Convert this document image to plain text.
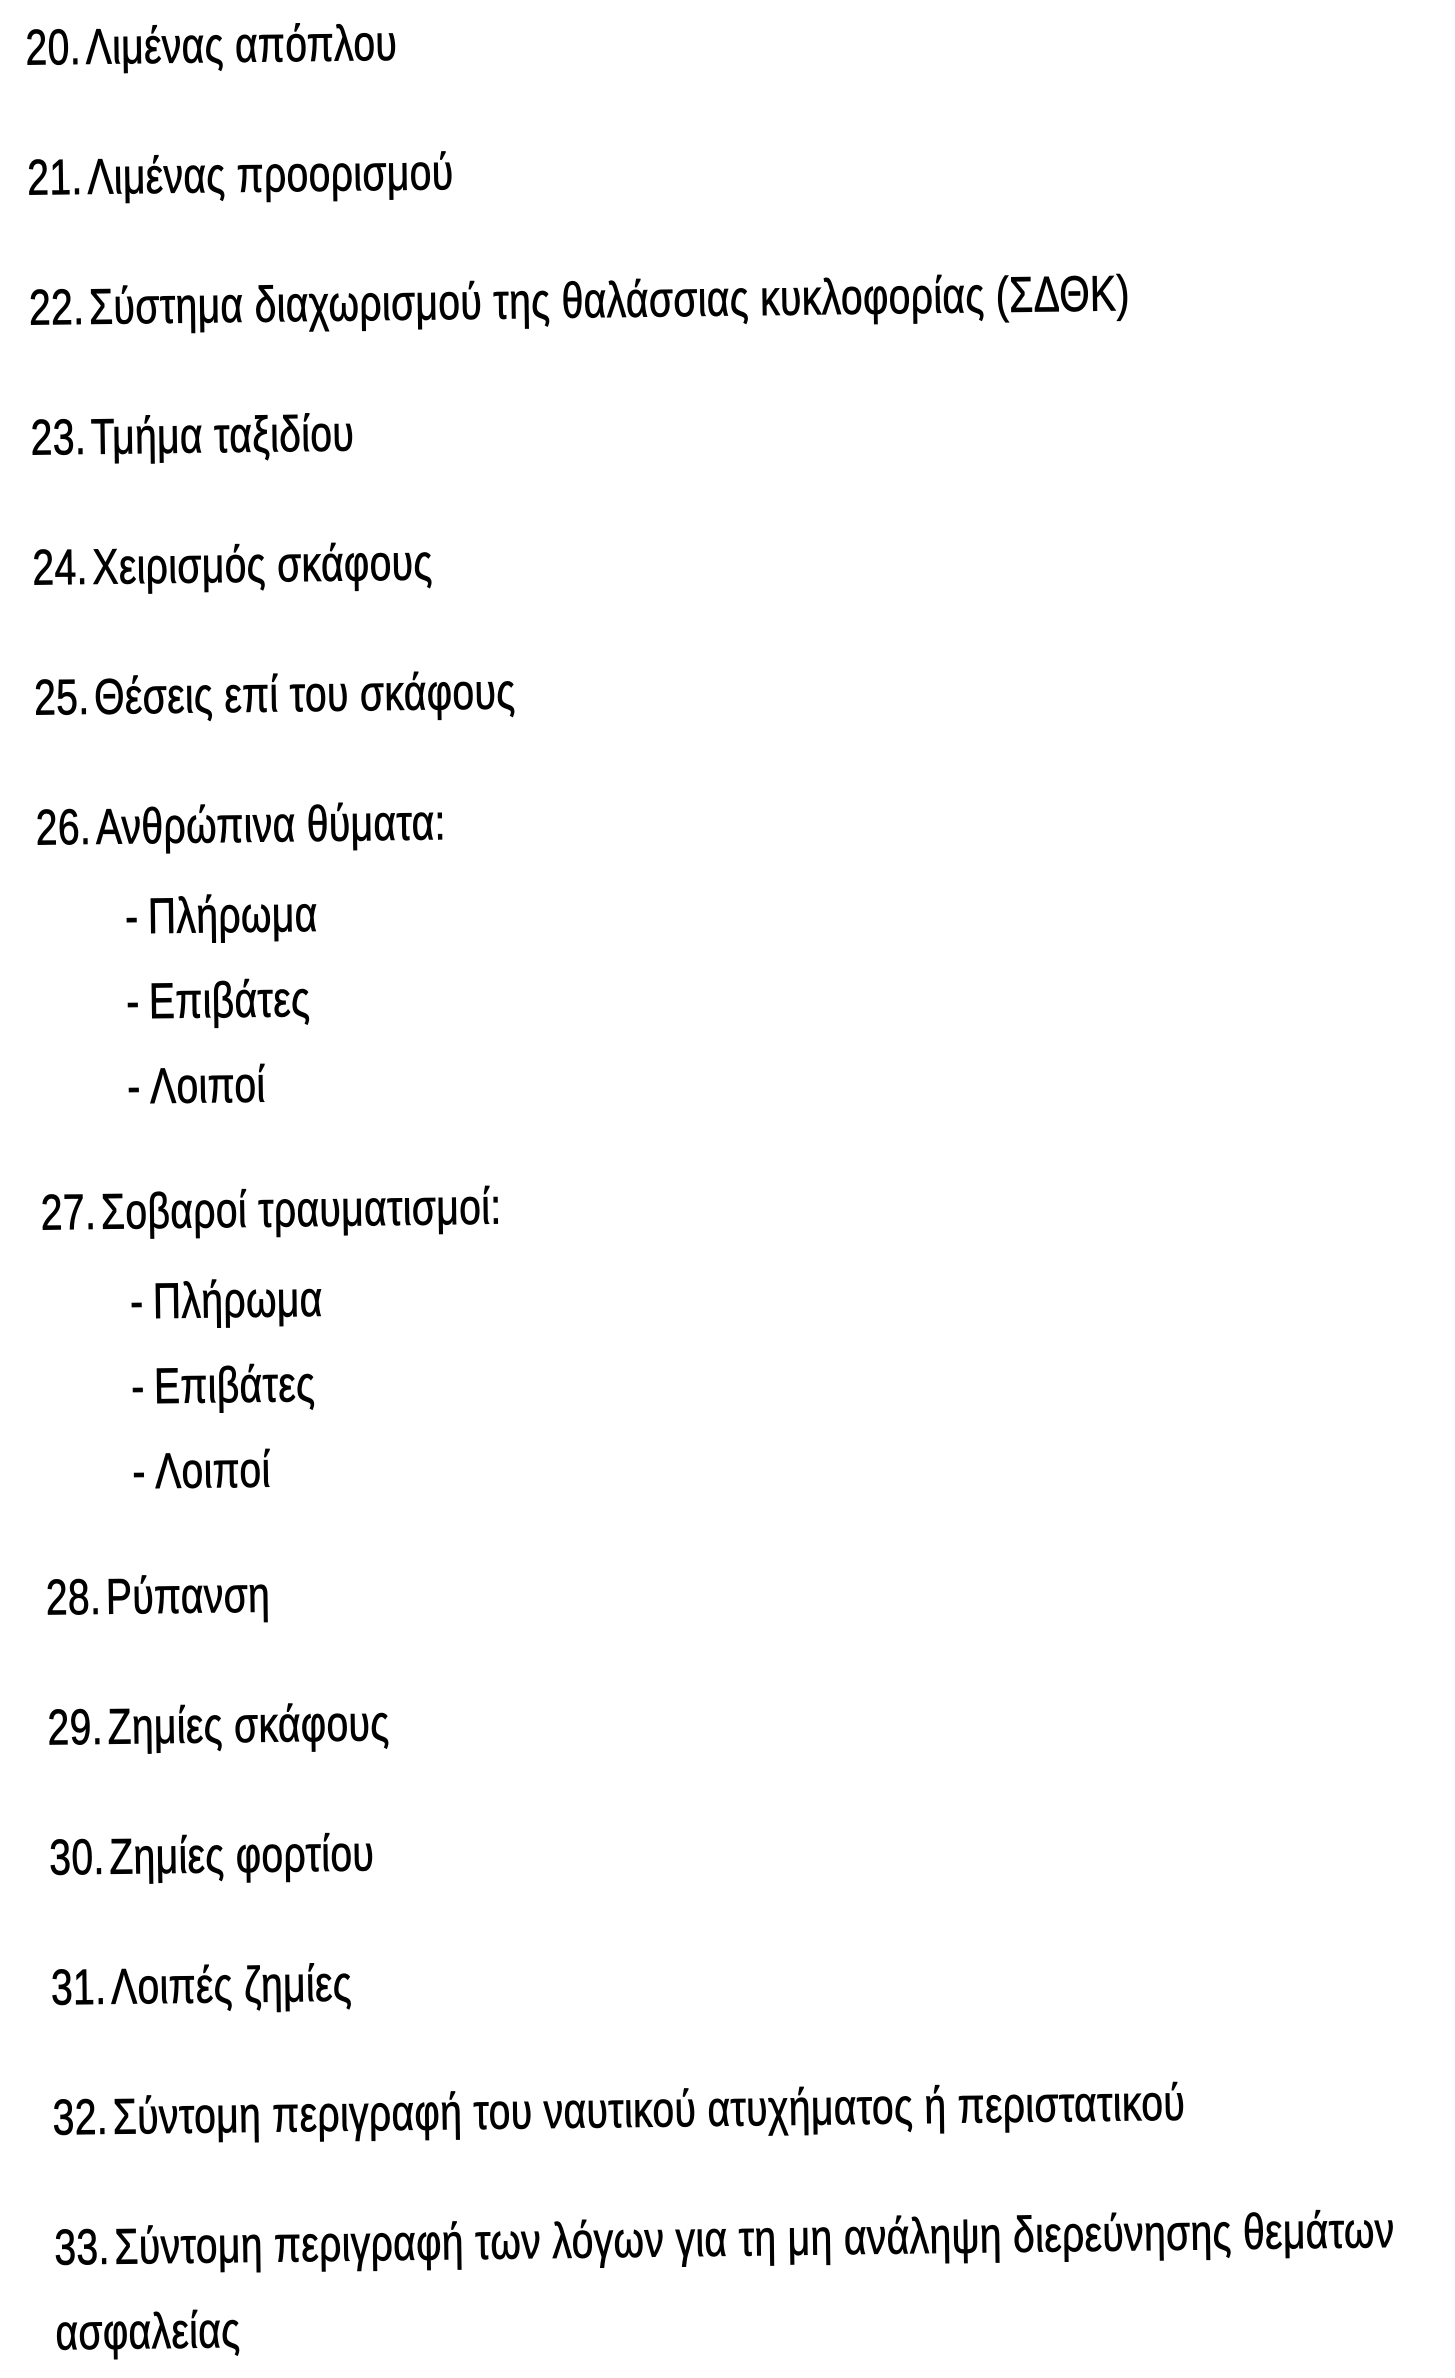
20.Λιμένας απόπλου
21.Λιμένας προορισμού
22.Σύστημα διαχωρισμού της θαλάσσιας κυκλοφορίας (ΣΔΘΚ)
23.Τμήμα ταξιδίου
24.Χειρισμός σκάφους
25.Θέσεις επί του σκάφους
26.Ανθρώπινα θύματα:
- Πλήρωμα
- Επιβάτες
- Λοιποί
27.Σοβαροί τραυματισμοί:
- Πλήρωμα
- Επιβάτες
- Λοιποί
28.Ρύπανση
29.Ζημίες σκάφους
30.Ζημίες φορτίου
31.Λοιπές ζημίες
32.Σύντομη περιγραφή του ναυτικού ατυχήματος ή περιστατικού
33.Σύντομη περιγραφή των λόγων για τη μη ανάληψη διερεύνησης θεμάτων ασφαλείας
